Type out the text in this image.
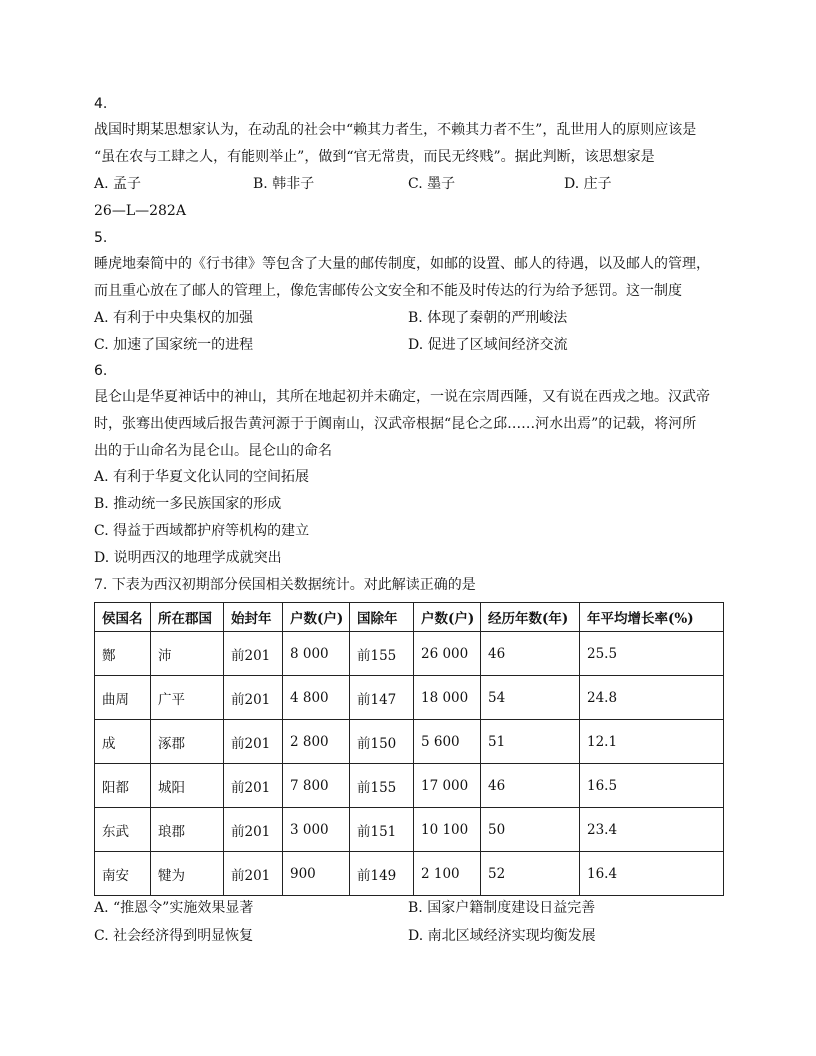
4.
战国时期某思想家认为，在动乱的社会中“赖其力者生，不赖其力者不生”，乱世用人的原则应该是
“虽在农与工肆之人，有能则举止”，做到“官无常贵，而民无终贱”。据此判断，该思想家是
A. 孟子	B. 韩非子	C. 墨子	D. 庄子
26—L—282A
5.
睡虎地秦简中的《行书律》等包含了大量的邮传制度，如邮的设置、邮人的待遇，以及邮人的管理，
而且重心放在了邮人的管理上，像危害邮传公文安全和不能及时传达的行为给予惩罚。这一制度
A. 有利于中央集权的加强	B. 体现了秦朝的严刑峻法
C. 加速了国家统一的进程	D. 促进了区域间经济交流
6.
昆仑山是华夏神话中的神山，其所在地起初并未确定，一说在宗周西陲，又有说在西戎之地。汉武帝
时，张骞出使西域后报告黄河源于于阗南山，汉武帝根据“昆仑之邱……河水出焉”的记载，将河所
出的于山命名为昆仑山。昆仑山的命名
A. 有利于华夏文化认同的空间拓展
B. 推动统一多民族国家的形成
C. 得益于西域都护府等机构的建立
D. 说明西汉的地理学成就突出
7. 下表为西汉初期部分侯国相关数据统计。对此解读正确的是
侯国名	所在郡国	始封年	户数(户)	国除年	户数(户)	经历年数(年)	年平均增长率(%)
酂	沛	前201	8 000	前155	26 000	46	25.5
曲周	广平	前201	4 800	前147	18 000	54	24.8
成	涿郡	前201	2 800	前150	5 600	51	12.1
阳都	城阳	前201	7 800	前155	17 000	46	16.5
东武	琅郡	前201	3 000	前151	10 100	50	23.4
南安	犍为	前201	900	前149	2 100	52	16.4
A. “推恩令”实施效果显著	B. 国家户籍制度建设日益完善
C. 社会经济得到明显恢复	D. 南北区域经济实现均衡发展
